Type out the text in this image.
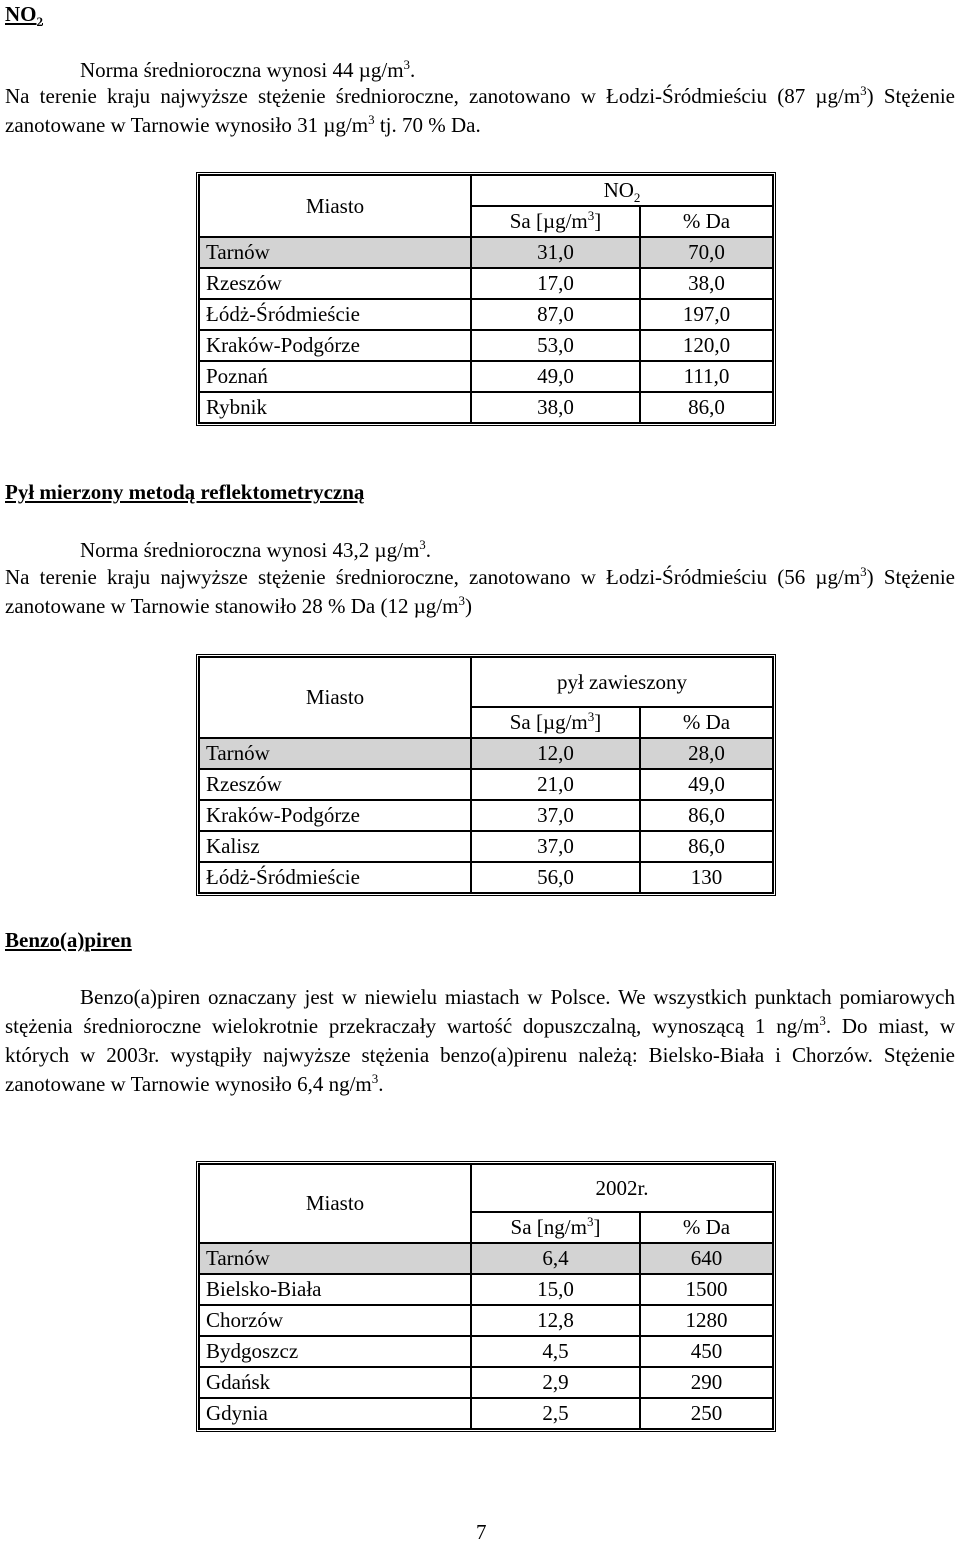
$NO_2$
Norma średnioroczna wynosi 44 $\mu g/m^3$.
Na terenie kraju najwyższe stężenie średnioroczne, zanotowano w Łodzi-Śródmieściu (87 $\mu g/m^3$) Stężenie zanotowane w Tarnowie wynosiło 31 $\mu g/m^3$ tj. 70 % Da.
Miasto	$NO_2$
	Sa $[\mu g/m^3]$	% Da
Tarnów	31,0	70,0
Rzeszów	17,0	38,0
Łódż-Śródmieście	87,0	197,0
Kraków-Podgórze	53,0	120,0
Poznań	49,0	111,0
Rybnik	38,0	86,0
Pył mierzony metodą reflektometryczną
Norma średnioroczna wynosi 43,2 $\mu g/m^3$.
Na terenie kraju najwyższe stężenie średnioroczne, zanotowano w Łodzi-Śródmieściu (56 $\mu g/m^3$) Stężenie zanotowane w Tarnowie stanowiło 28 % Da (12 $\mu g/m^3$)
Miasto	pył zawieszony	
	Sa $[\mu g/m^3]$	% Da
Tarnów	12,0	28,0
Rzeszów	21,0	49,0
Kraków-Podgórze	37,0	86,0
Kalisz	37,0	86,0
Łódż-Śródmieście	56,0	130
Benzo(a)piren
Benzo(a)piren oznaczany jest w niewielu miastach w Polsce. We wszystkich punktach pomiarowych stężenia średnioroczne wielokrotnie przekraczały wartość dopuszczalną, wynoszącą 1 $ng/m^3$. Do miast, w których w 2003r. wystąpiły najwyższe stężenia benzo(a)pirenu należą: Bielsko-Biała i Chorzów. Stężenie zanotowane w Tarnowie wynosiło 6,4 $ng/m^3$.
Miasto	2002r.	
	Sa $[ng/m^3]$	% Da
Tarnów	6,4	640
Bielsko-Biała	15,0	1500
Chorzów	12,8	1280
Bydgoszcz	4,5	450
Gdańsk	2,9	290
Gdynia	2,5	250
7
